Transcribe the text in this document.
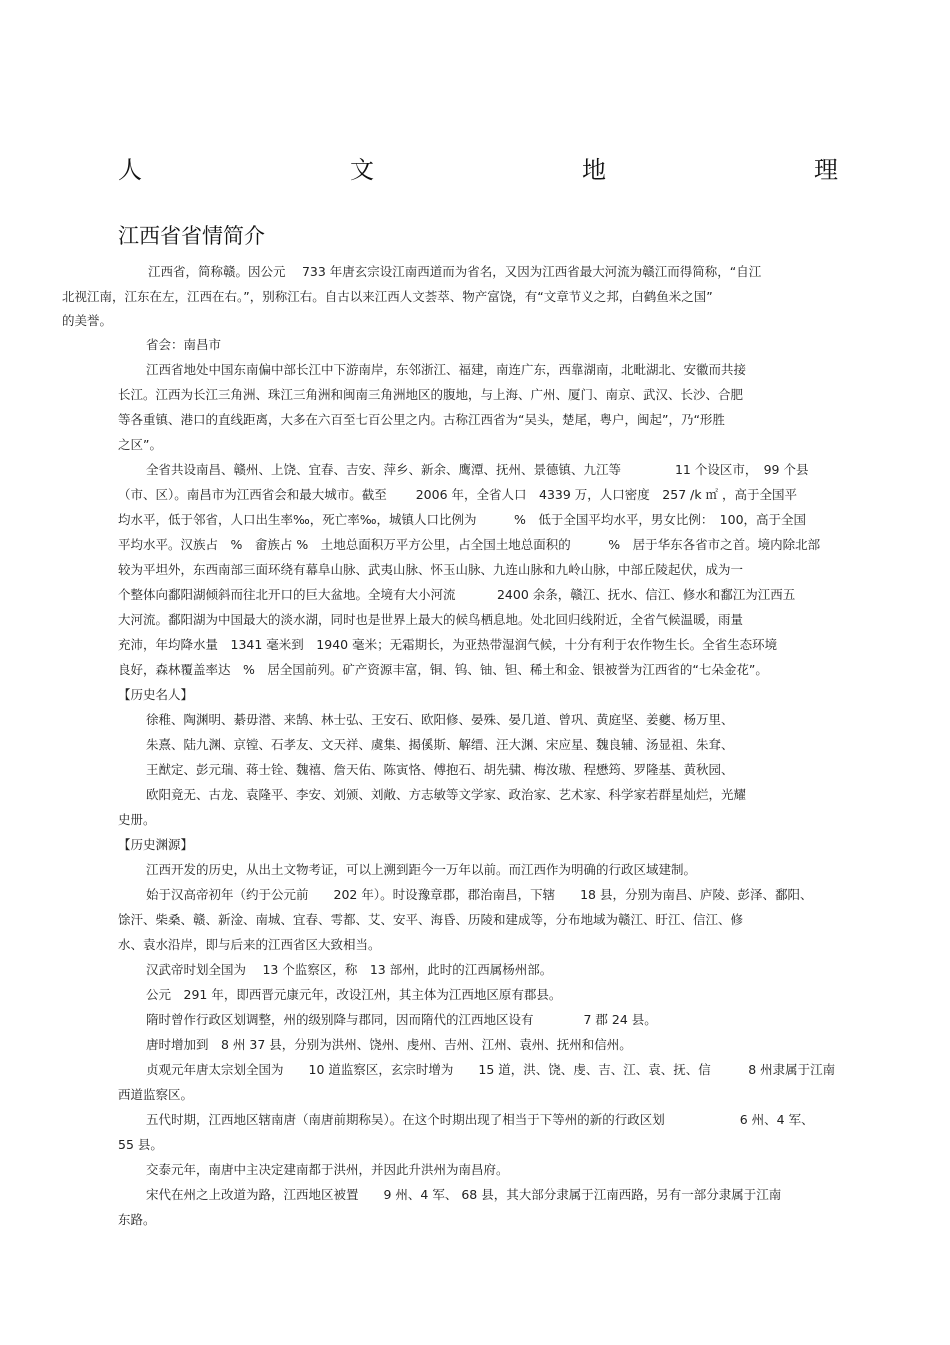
人	文	地	理
江西省省情简介
江西省，简称赣。因公元　 733 年唐玄宗设江南西道而为省名，又因为江西省最大河流为赣江而得简称，“自江
北视江南，江东在左，江西在右。”，别称江右。自古以来江西人文荟萃、物产富饶，有“文章节义之邦，白鹤鱼米之国”
的美誉。
省会：南昌市
江西省地处中国东南偏中部长江中下游南岸，东邻浙江、福建，南连广东，西靠湖南，北毗湖北、安徽而共接
长江。江西为长江三角洲、珠江三角洲和闽南三角洲地区的腹地，与上海、广州、厦门、南京、武汉、长沙、合肥
等各重镇、港口的直线距离，大多在六百至七百公里之内。古称江西省为“吴头，楚尾，粤户，闽起”，乃“形胜
之区”。
全省共设南昌、赣州、上饶、宜春、吉安、萍乡、新余、鹰潭、抚州、景德镇、九江等　　　　 11 个设区市，　99 个县
（市、区）。南昌市为江西省会和最大城市。截至　　 2006 年，全省人口　4339 万，人口密度　257 /k ㎡ ，高于全国平
均水平，低于邻省，人口出生率‰，死亡率‰，城镇人口比例为　　　%　低于全国平均水平，男女比例：　100，高于全国
平均水平。汉族占　%　畲族占 %　土地总面积万平方公里，占全国土地总面积的　　　%　居于华东各省市之首。境内除北部
较为平坦外，东西南部三面环绕有幕阜山脉、武夷山脉、怀玉山脉、九连山脉和九岭山脉，中部丘陵起伏，成为一
个整体向鄱阳湖倾斜而往北开口的巨大盆地。全境有大小河流　　　 2400 余条，赣江、抚水、信江、修水和鄱江为江西五
大河流。鄱阳湖为中国最大的淡水湖，同时也是世界上最大的候鸟栖息地。处北回归线附近，全省气候温暖，雨量
充沛，年均降水量　1341 毫米到　1940 毫米；无霜期长，为亚热带湿润气候，十分有利于农作物生长。全省生态环境
良好，森林覆盖率达　%　居全国前列。矿产资源丰富，铜、钨、铀、钽、稀土和金、银被誉为江西省的“七朵金花”。
【历史名人】
徐稚、陶渊明、綦毋潜、来鹄、林士弘、王安石、欧阳修、晏殊、晏几道、曾巩、黄庭坚、姜夔、杨万里、
朱熹、陆九渊、京镗、石孝友、文天祥、虞集、揭傒斯、解缙、汪大渊、宋应星、魏良辅、汤显祖、朱耷、
王猷定、彭元瑞、蒋士铨、魏禧、詹天佑、陈寅恪、傅抱石、胡先骕、梅汝璈、程懋筠、罗隆基、黄秋园、
欧阳竟无、古龙、袁隆平、李安、刘颁、刘敞、方志敏等文学家、政治家、艺术家、科学家若群星灿烂，光耀
史册。
【历史渊源】
江西开发的历史，从出土文物考证，可以上溯到距今一万年以前。而江西作为明确的行政区域建制。
始于汉高帝初年（约于公元前　　202 年）。时设豫章郡，郡治南昌，下辖　　18 县，分别为南昌、庐陵、彭泽、鄱阳、
馀汗、柴桑、赣、新淦、南城、宜春、雩都、艾、安平、海昏、历陵和建成等，分布地域为赣江、盱江、信江、修
水、袁水沿岸，即与后来的江西省区大致相当。
汉武帝时划全国为　 13 个监察区，称　13 部州，此时的江西属杨州部。
公元　291 年，即西晋元康元年，改设江州，其主体为江西地区原有郡县。
隋时曾作行政区划调整，州的级别降与郡同，因而隋代的江西地区设有　　　　7 郡 24 县。
唐时增加到　8 州 37 县，分别为洪州、饶州、虔州、吉州、江州、袁州、抚州和信州。
贞观元年唐太宗划全国为　　10 道监察区，玄宗时增为　　15 道，洪、饶、虔、吉、江、袁、抚、信　　　8 州隶属于江南
西道监察区。
五代时期，江西地区辖南唐（南唐前期称吴）。在这个时期出现了相当于下等州的新的行政区划　　　　　　6 州、4 军、
55 县。
交泰元年，南唐中主决定建南都于洪州，并因此升洪州为南昌府。
宋代在州之上改道为路，江西地区被置　　9 州、4 军、 68 县，其大部分隶属于江南西路，另有一部分隶属于江南
东路。
